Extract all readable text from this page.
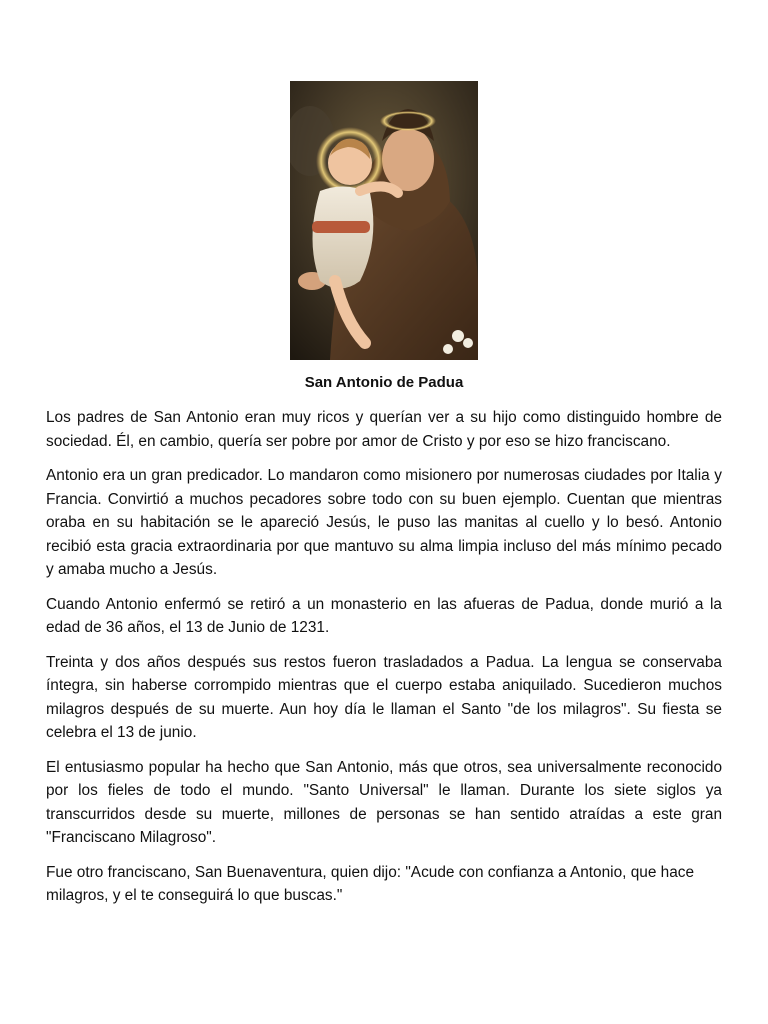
San Antonio de Padua

Los padres de San Antonio eran muy ricos y querían ver a su hijo como distinguido hombre de sociedad. Él, en cambio, quería ser pobre por amor de Cristo y por eso se hizo franciscano.

Antonio era un gran predicador. Lo mandaron como misionero por numerosas ciudades por Italia y Francia. Convirtió a muchos pecadores sobre todo con su buen ejemplo. Cuentan que mientras oraba en su habitación se le apareció Jesús, le puso las manitas al cuello y lo besó. Antonio recibió esta gracia extraordinaria por que mantuvo su alma limpia incluso del más mínimo pecado y amaba mucho a Jesús.

Cuando Antonio enfermó se retiró a un monasterio en las afueras de Padua, donde murió a la edad de 36 años, el 13 de Junio de 1231.

Treinta y dos años después sus restos fueron trasladados a Padua. La lengua se conservaba íntegra, sin haberse corrompido mientras que el cuerpo estaba aniquilado. Sucedieron muchos milagros después de su muerte. Aun hoy día le llaman el Santo "de los milagros". Su fiesta se celebra el 13 de junio.

El entusiasmo popular ha hecho que San Antonio, más que otros, sea universalmente reconocido por los fieles de todo el mundo. "Santo Universal" le llaman. Durante los siete siglos ya transcurridos desde su muerte, millones de personas se han sentido atraídas a este gran "Franciscano Milagroso".

Fue otro franciscano, San Buenaventura, quien dijo: "Acude con confianza a Antonio, que hace milagros, y el te conseguirá lo que buscas."
